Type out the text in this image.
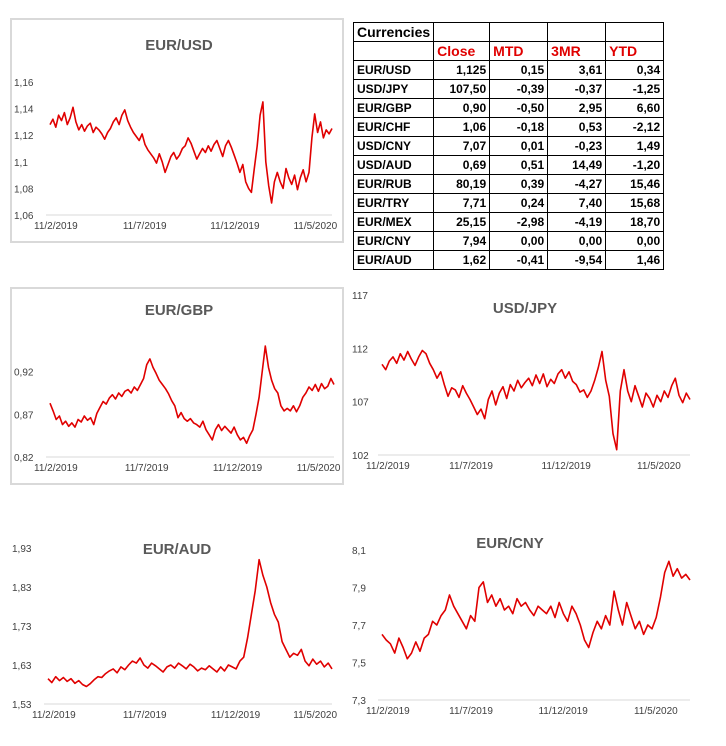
EUR/USD
1,06
1,08
1,1
1,12
1,14
1,16
11/2/2019	11/7/2019	11/12/2019	11/5/2020
Currencies				
	Close	MTD	3MR	YTD
EUR/USD	1,125	0,15	3,61	0,34
USD/JPY	107,50	-0,39	-0,37	-1,25
EUR/GBP	0,90	-0,50	2,95	6,60
EUR/CHF	1,06	-0,18	0,53	-2,12
USD/CNY	7,07	0,01	-0,23	1,49
USD/AUD	0,69	0,51	14,49	-1,20
EUR/RUB	80,19	0,39	-4,27	15,46
EUR/TRY	7,71	0,24	7,40	15,68
EUR/MEX	25,15	-2,98	-4,19	18,70
EUR/CNY	7,94	0,00	0,00	0,00
EUR/AUD	1,62	-0,41	-9,54	1,46
EUR/GBP
0,82
0,87
0,92
11/2/2019	11/7/2019	11/12/2019	11/5/2020
USD/JPY
102
107
112
117
11/2/2019	11/7/2019	11/12/2019	11/5/2020
EUR/AUD
1,53
1,63
1,73
1,83
1,93
11/2/2019	11/7/2019	11/12/2019	11/5/2020
EUR/CNY
7,3
7,5
7,7
7,9
8,1
11/2/2019	11/7/2019	11/12/2019	11/5/2020
